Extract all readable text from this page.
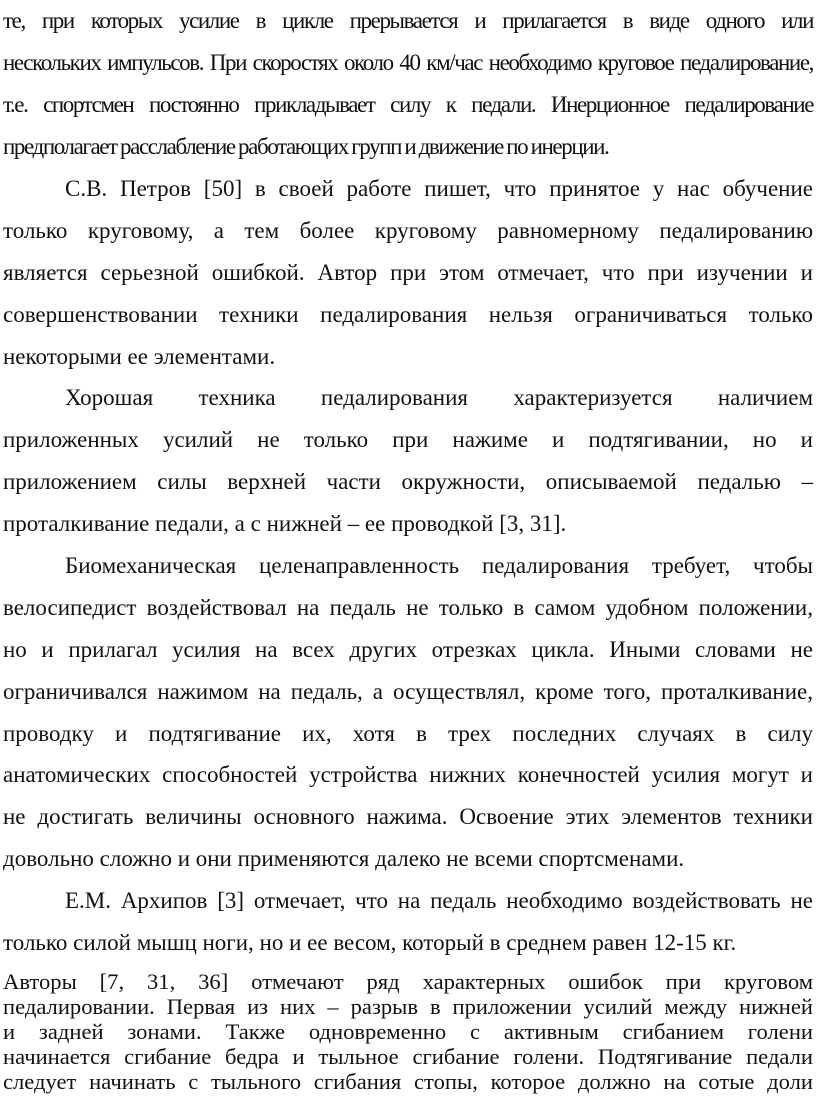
те, при которых усилие в цикле прерывается и прилагается в виде одного или
нескольких импульсов. При скоростях около 40 км/час необходимо круговое педалирование,
т.е. спортсмен постоянно прикладывает силу к педали. Инерционное педалирование
предполагает расслабление работающих групп и движение по инерции.
С.В. Петров [50] в своей работе пишет, что принятое у нас обучение
только круговому, а тем более круговому равномерному педалированию
является серьезной ошибкой. Автор при этом отмечает, что при изучении и
совершенствовании техники педалирования нельзя ограничиваться только
некоторыми ее элементами.
Хорошая техника педалирования характеризуется наличием
приложенных усилий не только при нажиме и подтягивании, но и
приложением силы верхней части окружности, описываемой педалью –
проталкивание педали, а с нижней – ее проводкой [3, 31].
Биомеханическая целенаправленность педалирования требует, чтобы
велосипедист воздействовал на педаль не только в самом удобном положении,
но и прилагал усилия на всех других отрезках цикла. Иными словами не
ограничивался нажимом на педаль, а осуществлял, кроме того, проталкивание,
проводку и подтягивание их, хотя в трех последних случаях в силу
анатомических способностей устройства нижних конечностей усилия могут и
не достигать величины основного нажима. Освоение этих элементов техники
довольно сложно и они применяются далеко не всеми спортсменами.
Е.М. Архипов [3] отмечает, что на педаль необходимо воздействовать не
только силой мышц ноги, но и ее весом, который в среднем равен 12-15 кг.
Авторы [7, 31, 36] отмечают ряд характерных ошибок при круговом
педалировании. Первая из них – разрыв в приложении усилий между нижней
и задней зонами. Также одновременно с активным сгибанием голени
начинается сгибание бедра и тыльное сгибание голени. Подтягивание педали
следует начинать с тыльного сгибания стопы, которое должно на сотые доли
